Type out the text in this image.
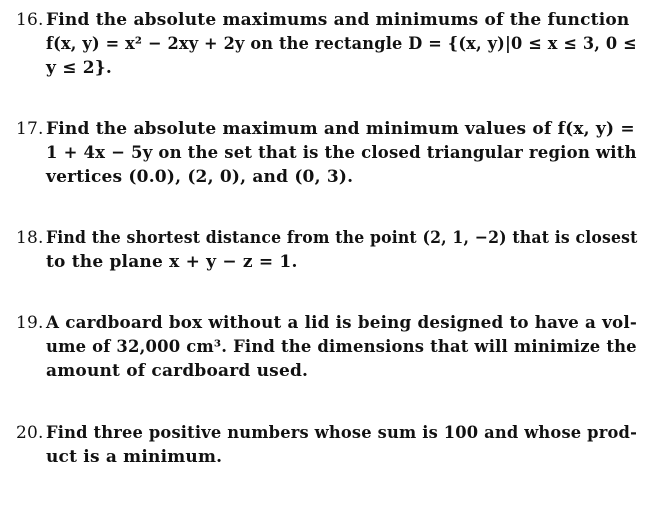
16. Find the absolute maximums and minimums of the function
f(x, y) = x² − 2xy + 2y on the rectangle D = {(x, y)|0 ≤ x ≤ 3, 0 ≤
y ≤ 2}.
17. Find the absolute maximum and minimum values of f(x, y) =
1 + 4x − 5y on the set that is the closed triangular region with
vertices (0.0), (2, 0), and (0, 3).
18. Find the shortest distance from the point (2, 1, −2) that is closest
to the plane x + y − z = 1.
19. A cardboard box without a lid is being designed to have a vol-
ume of 32,000 cm³. Find the dimensions that will minimize the
amount of cardboard used.
20. Find three positive numbers whose sum is 100 and whose prod-
uct is a minimum.
